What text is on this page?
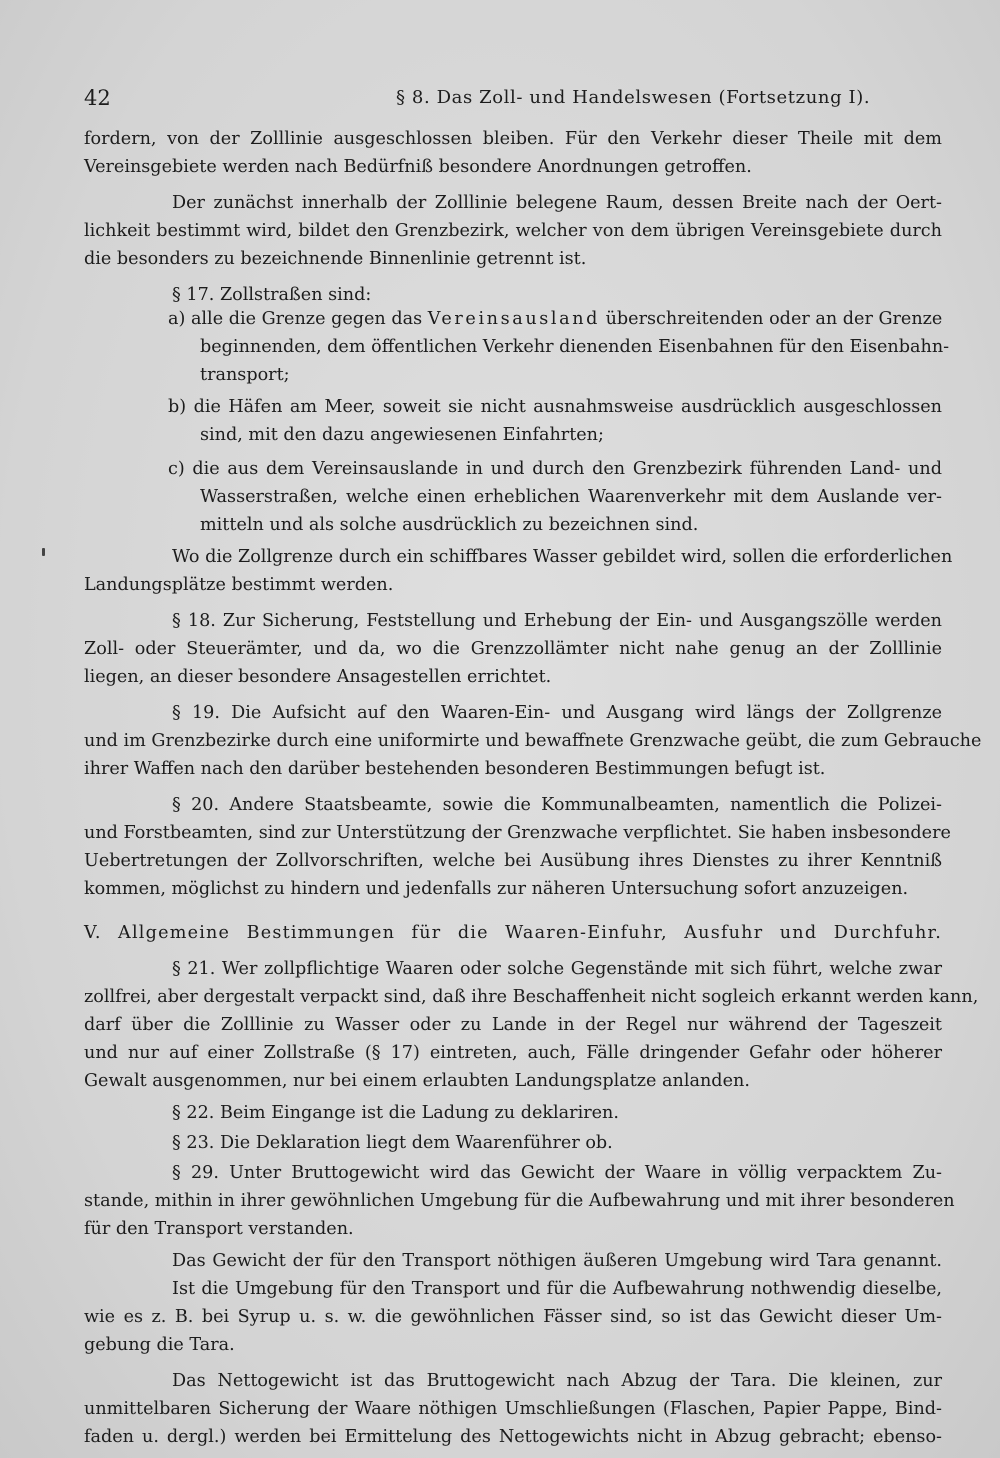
42	§ 8. Das Zoll- und Handelswesen (Fortsetzung I).
fordern, von der Zolllinie ausgeschlossen bleiben. Für den Verkehr dieser Theile mit dem
Vereinsgebiete werden nach Bedürfniß besondere Anordnungen getroffen.
Der zunächst innerhalb der Zolllinie belegene Raum, dessen Breite nach der Oert-
lichkeit bestimmt wird, bildet den Grenzbezirk, welcher von dem übrigen Vereinsgebiete durch
die besonders zu bezeichnende Binnenlinie getrennt ist.
§ 17. Zollstraßen sind:
a) alle die Grenze gegen das Vereinsausland überschreitenden oder an der Grenze
beginnenden, dem öffentlichen Verkehr dienenden Eisenbahnen für den Eisenbahn-
transport;
b) die Häfen am Meer, soweit sie nicht ausnahmsweise ausdrücklich ausgeschlossen
sind, mit den dazu angewiesenen Einfahrten;
c) die aus dem Vereinsauslande in und durch den Grenzbezirk führenden Land- und
Wasserstraßen, welche einen erheblichen Waarenverkehr mit dem Auslande ver-
mitteln und als solche ausdrücklich zu bezeichnen sind.
Wo die Zollgrenze durch ein schiffbares Wasser gebildet wird, sollen die erforderlichen
Landungsplätze bestimmt werden.
§ 18. Zur Sicherung, Feststellung und Erhebung der Ein- und Ausgangszölle werden
Zoll- oder Steuerämter, und da, wo die Grenzzollämter nicht nahe genug an der Zolllinie
liegen, an dieser besondere Ansagestellen errichtet.
§ 19. Die Aufsicht auf den Waaren-Ein- und Ausgang wird längs der Zollgrenze
und im Grenzbezirke durch eine uniformirte und bewaffnete Grenzwache geübt, die zum Gebrauche
ihrer Waffen nach den darüber bestehenden besonderen Bestimmungen befugt ist.
§ 20. Andere Staatsbeamte, sowie die Kommunalbeamten, namentlich die Polizei-
und Forstbeamten, sind zur Unterstützung der Grenzwache verpflichtet. Sie haben insbesondere
Uebertretungen der Zollvorschriften, welche bei Ausübung ihres Dienstes zu ihrer Kenntniß
kommen, möglichst zu hindern und jedenfalls zur näheren Untersuchung sofort anzuzeigen.
V. Allgemeine Bestimmungen für die Waaren-Einfuhr, Ausfuhr und Durchfuhr.
§ 21. Wer zollpflichtige Waaren oder solche Gegenstände mit sich führt, welche zwar
zollfrei, aber dergestalt verpackt sind, daß ihre Beschaffenheit nicht sogleich erkannt werden kann,
darf über die Zolllinie zu Wasser oder zu Lande in der Regel nur während der Tageszeit
und nur auf einer Zollstraße (§ 17) eintreten, auch, Fälle dringender Gefahr oder höherer
Gewalt ausgenommen, nur bei einem erlaubten Landungsplatze anlanden.
§ 22. Beim Eingange ist die Ladung zu deklariren.
§ 23. Die Deklaration liegt dem Waarenführer ob.
§ 29. Unter Bruttogewicht wird das Gewicht der Waare in völlig verpacktem Zu-
stande, mithin in ihrer gewöhnlichen Umgebung für die Aufbewahrung und mit ihrer besonderen
für den Transport verstanden.
Das Gewicht der für den Transport nöthigen äußeren Umgebung wird Tara genannt.
Ist die Umgebung für den Transport und für die Aufbewahrung nothwendig dieselbe,
wie es z. B. bei Syrup u. s. w. die gewöhnlichen Fässer sind, so ist das Gewicht dieser Um-
gebung die Tara.
Das Nettogewicht ist das Bruttogewicht nach Abzug der Tara. Die kleinen, zur
unmittelbaren Sicherung der Waare nöthigen Umschließungen (Flaschen, Papier Pappe, Bind-
faden u. dergl.) werden bei Ermittelung des Nettogewichts nicht in Abzug gebracht; ebenso-
